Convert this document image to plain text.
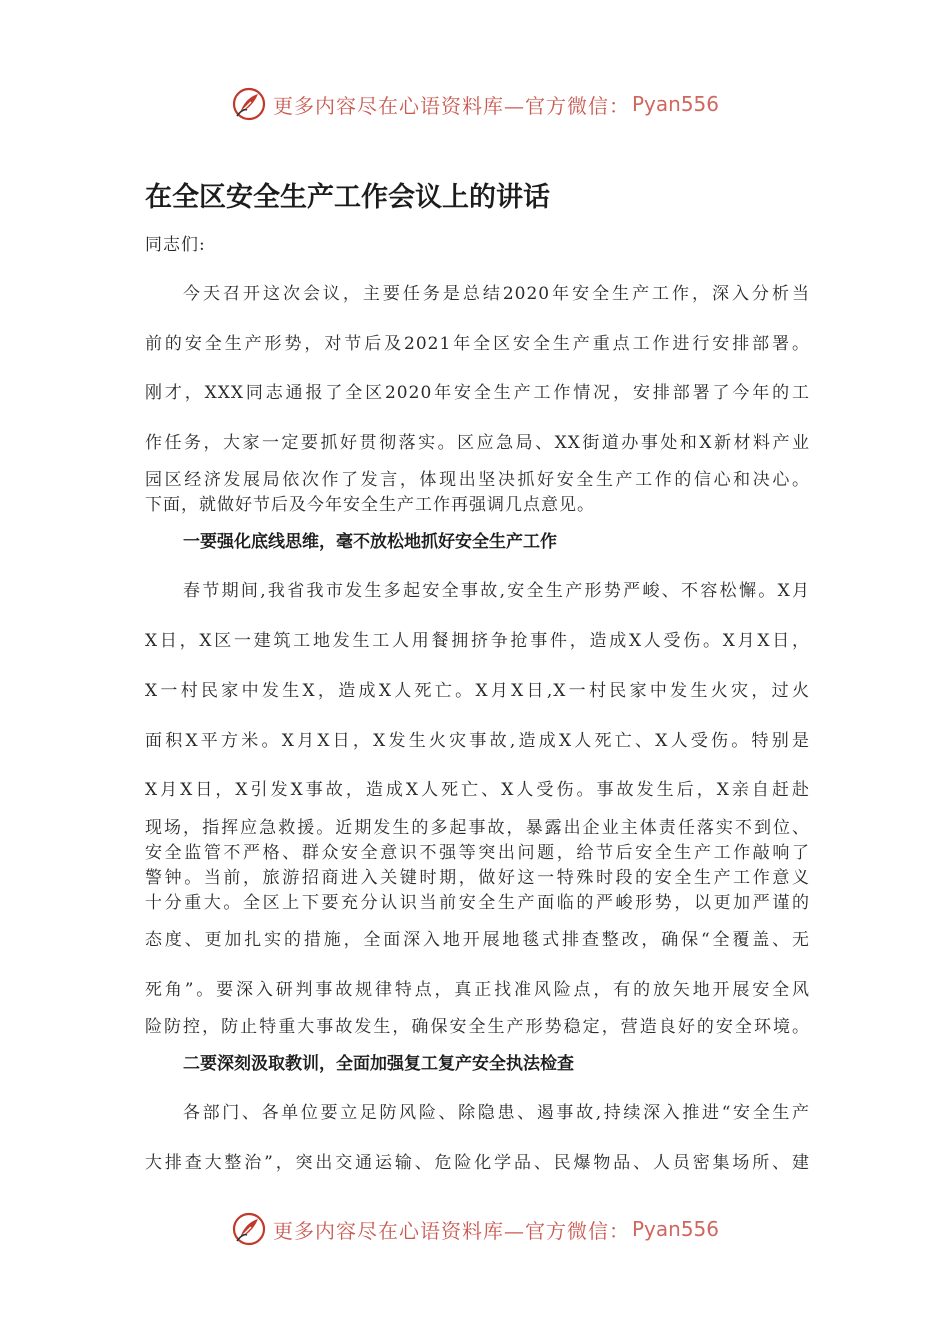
更多内容尽在心语资料库—官方微信： Pyan556
在全区安全生产工作会议上的讲话
同志们:
今天召开这次会议，主要任务是总结2020年安全生产工作，深入分析当
前的安全生产形势，对节后及2021年全区安全生产重点工作进行安排部署。
刚才，XXX同志通报了全区2020年安全生产工作情况，安排部署了今年的工
作任务，大家一定要抓好贯彻落实。区应急局、XX街道办事处和X新材料产业
园区经济发展局依次作了发言，体现出坚决抓好安全生产工作的信心和决心。
下面，就做好节后及今年安全生产工作再强调几点意见。
一要强化底线思维，毫不放松地抓好安全生产工作
春节期间,我省我市发生多起安全事故,安全生产形势严峻、不容松懈。X月
X日，X区一建筑工地发生工人用餐拥挤争抢事件，造成X人受伤。X月X日，
X一村民家中发生X，造成X人死亡。X月X日,X一村民家中发生火灾，过火
面积X平方米。X月X日，X发生火灾事故,造成X人死亡、X人受伤。特别是
X月X日，X引发X事故，造成X人死亡、X人受伤。事故发生后，X亲自赶赴
现场，指挥应急救援。近期发生的多起事故，暴露出企业主体责任落实不到位、
安全监管不严格、群众安全意识不强等突出问题，给节后安全生产工作敲响了
警钟。当前，旅游招商进入关键时期，做好这一特殊时段的安全生产工作意义
十分重大。全区上下要充分认识当前安全生产面临的严峻形势，以更加严谨的
态度、更加扎实的措施，全面深入地开展地毯式排查整改，确保“全覆盖、无
死角”。要深入研判事故规律特点，真正找准风险点，有的放矢地开展安全风
险防控，防止特重大事故发生，确保安全生产形势稳定，营造良好的安全环境。
二要深刻汲取教训，全面加强复工复产安全执法检查
各部门、各单位要立足防风险、除隐患、遏事故,持续深入推进“安全生产
大排查大整治”，突出交通运输、危险化学品、民爆物品、人员密集场所、建
更多内容尽在心语资料库—官方微信： Pyan556
